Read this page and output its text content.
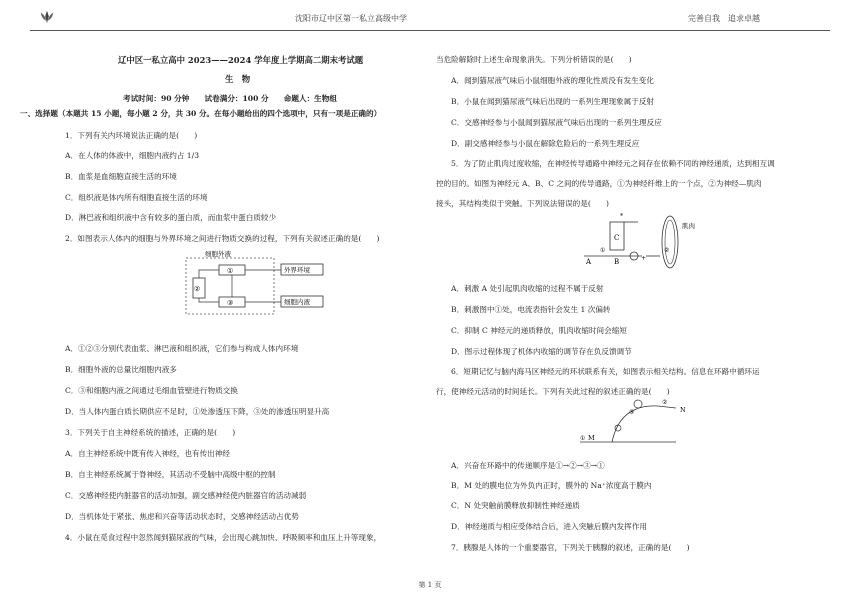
沈阳市辽中区第一私立高级中学	完善自我　追求卓越
辽中区一私立高中 2023——2024 学年度上学期高二期末考试题
生　物
考试时间：90 分钟　　试卷满分：100 分　　命题人：生物组
一、选择题（本题共 15 小题，每小题 2 分，共 30 分。在每小题给出的四个选项中，只有一项是正确的）
1．下列有关内环境说法正确的是(　　)
A．在人体的体液中，细胞内液约占 1/3
B．血浆是血细胞直接生活的环境
C．组织液是体内所有细胞直接生活的环境
D．淋巴液和组织液中含有较多的蛋白质，而血浆中蛋白质较少
2．如图表示人体内的细胞与外界环境之间进行物质交换的过程，下列有关叙述正确的是(　　)
细胞外液
①
②
③
外界环境
细胞内液
A．①②③分别代表血浆、淋巴液和组织液，它们参与构成人体内环境
B．细胞外液的总量比细胞内液多
C．③和细胞内液之间通过毛细血管壁进行物质交换
D．当人体内蛋白质长期供应不足时，①处渗透压下降，③处的渗透压明显升高
3．下列关于自主神经系统的描述，正确的是(　　)
A．自主神经系统中既有传入神经，也有传出神经
B．自主神经系统属于脊神经，其活动不受脑中高级中枢的控制
C．交感神经使内脏器官的活动加强，副交感神经使内脏器官的活动减弱
D．当机体处于紧张、焦虑和兴奋等活动状态时，交感神经活动占优势
4．小鼠在觅食过程中忽然闻到猫尿液的气味，会出现心跳加快、呼吸频率和血压上升等现象，
当危险解除时上述生命现象消失。下列分析错误的是(　　)
A．闻到猫尿液气味后小鼠细胞外液的理化性质没有发生变化
B．小鼠在闻到猫尿液气味后出现的一系列生理现象属于反射
C．交感神经参与小鼠闻到猫尿液气味后出现的一系列生理反应
D．副交感神经参与小鼠在解除危险后的一系列生理反应
5．为了防止肌肉过度收缩，在神经传导通路中神经元之间存在依赖不同的神经递质，达到相互调
控的目的。如图为神经元 A、B、C 之间的传导通路，①为神经纤维上的一个点，②为神经—肌肉
接头，其结构类似于突触。下列说法错误的是(　　)
A
①
B
C
*
+
②
肌肉
A．刺激 A 处引起肌肉收缩的过程不属于反射
B．刺激图中①处，电流表指针会发生 1 次偏转
C．抑制 C 神经元的递质释放，肌肉收缩时间会缩短
D．图示过程体现了机体内收缩的调节存在负反馈调节
6．短期记忆与脑内海马区神经元的环状联系有关，如图表示相关结构。信息在环路中循环运
行，使神经元活动的时间延长。下列有关此过程的叙述正确的是(　　)
① M
N
③
②
A．兴奋在环路中的传递顺序是①→②→③→①
B．M 处的膜电位为外负内正时，膜外的 Na⁺浓度高于膜内
C．N 处突触前膜释放抑制性神经递质
D．神经递质与相应受体结合后，进入突触后膜内发挥作用
7．胰腺是人体的一个重要器官，下列关于胰腺的叙述，正确的是(　　)
第 1 页
